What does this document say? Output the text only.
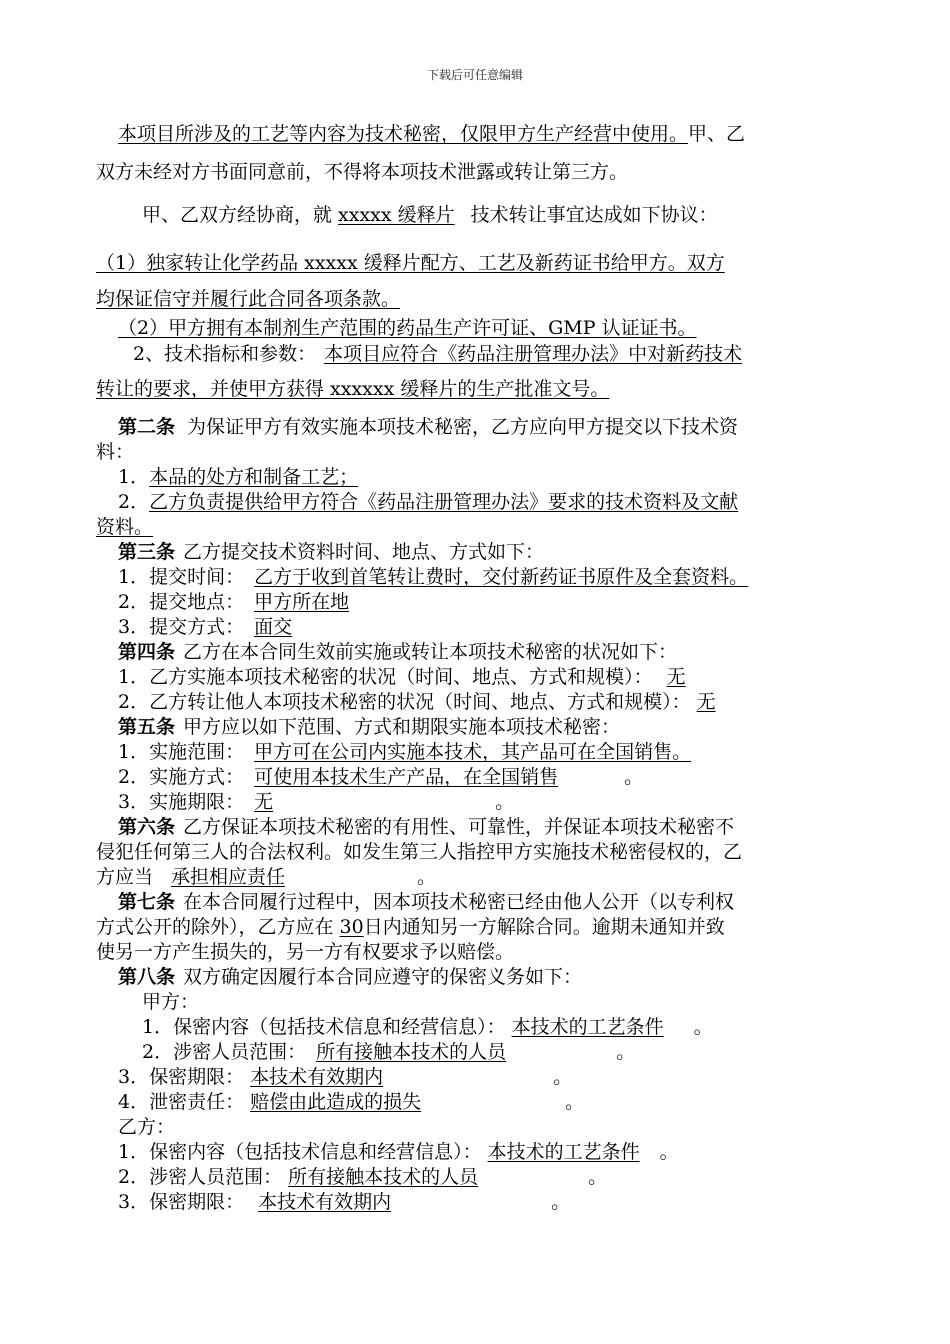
下载后可任意编辑
本项目所涉及的工艺等内容为技术秘密，仅限甲方生产经营中使用。甲、乙
双方未经对方书面同意前，不得将本项技术泄露或转让第三方。
甲、乙双方经协商，就 xxxxx 缓释片 技术转让事宜达成如下协议：
（1）独家转让化学药品 xxxxx 缓释片配方、工艺及新药证书给甲方。双方
均保证信守并履行此合同各项条款。
（2）甲方拥有本制剂生产范围的药品生产许可证、GMP 认证证书。
2、技术指标和参数： 本项目应符合《药品注册管理办法》中对新药技术
转让的要求，并使甲方获得 xxxxxx 缓释片的生产批准文号。
第二条 为保证甲方有效实施本项技术秘密，乙方应向甲方提交以下技术资
料：
1．本品的处方和制备工艺；
2．乙方负责提供给甲方符合《药品注册管理办法》要求的技术资料及文献
资料。
第三条 乙方提交技术资料时间、地点、方式如下：
1．提交时间： 乙方于收到首笔转让费时，交付新药证书原件及全套资料。
2．提交地点： 甲方所在地
3．提交方式： 面交
第四条 乙方在本合同生效前实施或转让本项技术秘密的状况如下：
1．乙方实施本项技术秘密的状况（时间、地点、方式和规模）： 无
2．乙方转让他人本项技术秘密的状况（时间、地点、方式和规模）： 无
第五条 甲方应以如下范围、方式和期限实施本项技术秘密：
1．实施范围： 甲方可在公司内实施本技术，其产品可在全国销售。
2．实施方式： 可使用本技术生产产品，在全国销售	。
3．实施期限： 无	。
第六条 乙方保证本项技术秘密的有用性、可靠性，并保证本项技术秘密不
侵犯任何第三人的合法权利。如发生第三人指控甲方实施技术秘密侵权的，乙
方应当 承担相应责任	。
第七条 在本合同履行过程中，因本项技术秘密已经由他人公开（以专利权
方式公开的除外），乙方应在 30日内通知另一方解除合同。逾期未通知并致
使另一方产生损失的，另一方有权要求予以赔偿。
第八条 双方确定因履行本合同应遵守的保密义务如下：
甲方：
1．保密内容（包括技术信息和经营信息）： 本技术的工艺条件 。
2．涉密人员范围： 所有接触本技术的人员	。
3．保密期限： 本技术有效期内	。
4．泄密责任： 赔偿由此造成的损失	。
乙方：
1．保密内容（包括技术信息和经营信息）： 本技术的工艺条件 。
2．涉密人员范围： 所有接触本技术的人员	。
3．保密期限： 本技术有效期内	。
